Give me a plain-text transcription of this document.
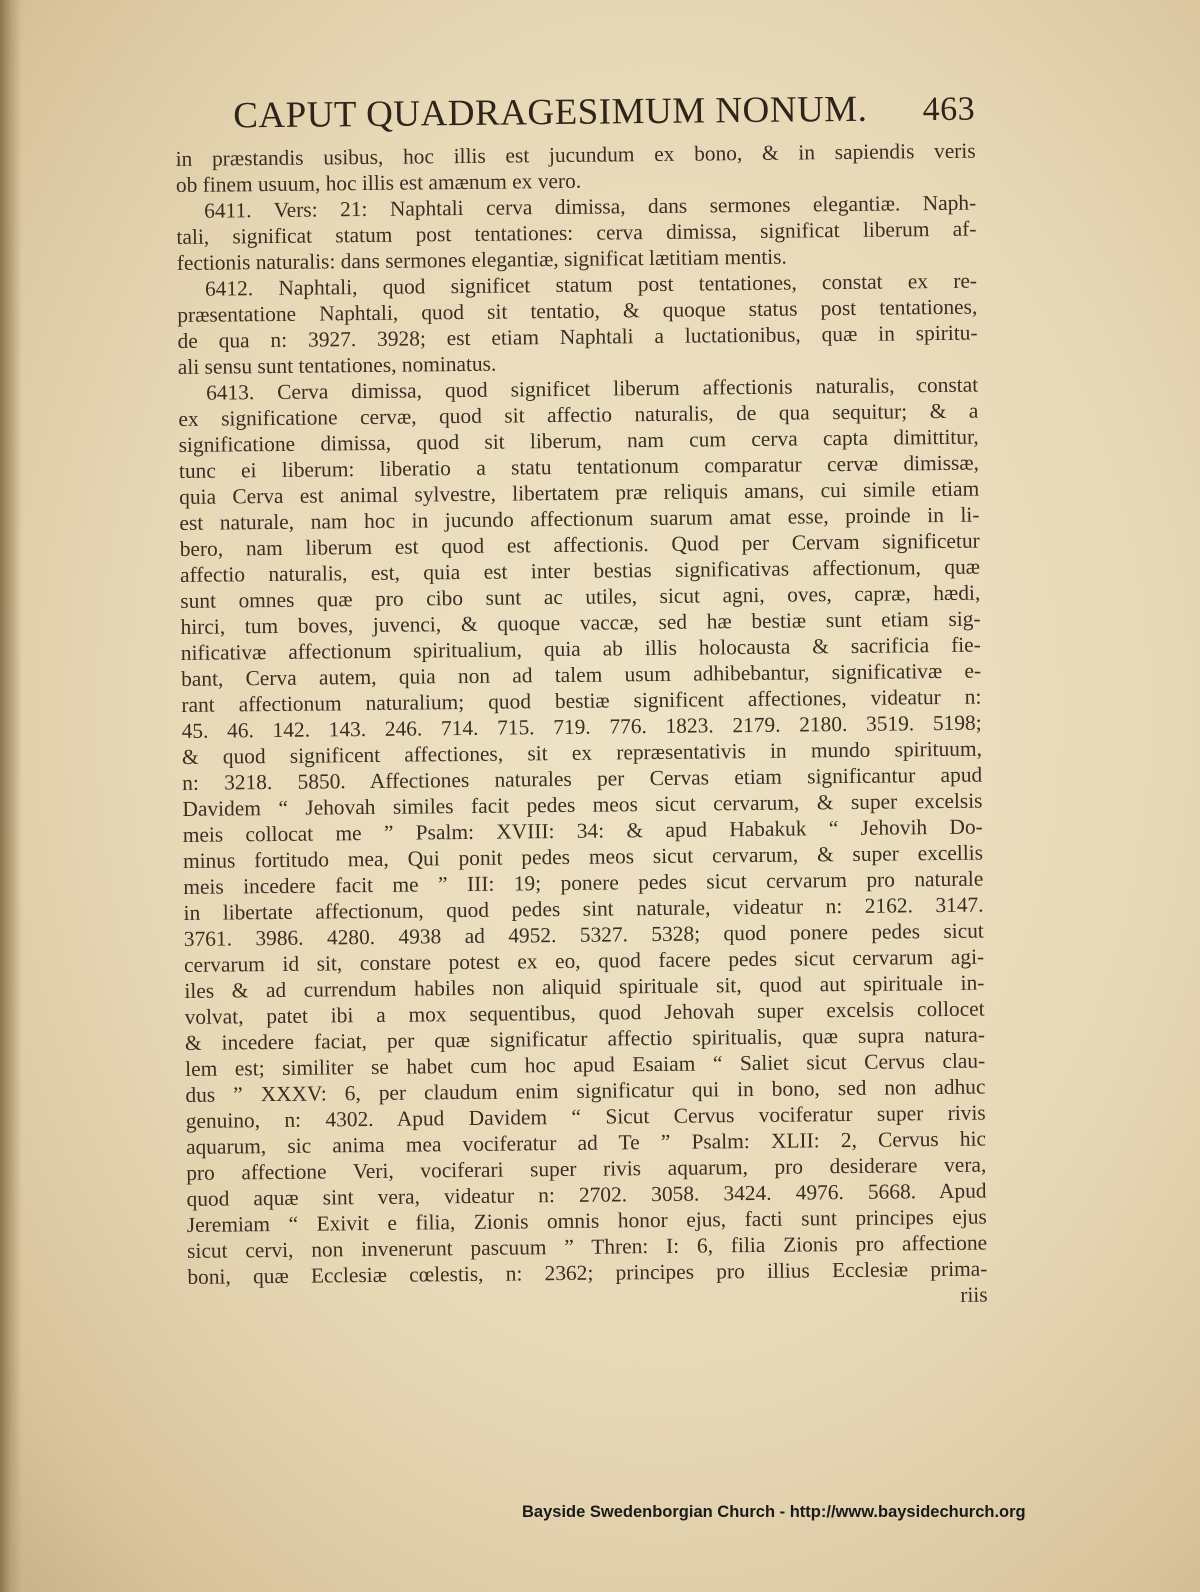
CAPUT QUADRAGESIMUM NONUM. 463
in præstandis usibus, hoc illis est jucundum ex bono, & in sapiendis veris
ob finem usuum, hoc illis est amænum ex vero.
6411. Vers: 21: Naphtali cerva dimissa, dans sermones elegantiæ. Naph-
tali, significat statum post tentationes: cerva dimissa, significat liberum af-
fectionis naturalis: dans sermones elegantiæ, significat lætitiam mentis.
6412. Naphtali, quod significet statum post tentationes, constat ex re-
præsentatione Naphtali, quod sit tentatio, & quoque status post tentationes,
de qua n: 3927. 3928; est etiam Naphtali a luctationibus, quæ in spiritu-
ali sensu sunt tentationes, nominatus.
6413. Cerva dimissa, quod significet liberum affectionis naturalis, constat
ex significatione cervæ, quod sit affectio naturalis, de qua sequitur; & a
significatione dimissa, quod sit liberum, nam cum cerva capta dimittitur,
tunc ei liberum: liberatio a statu tentationum comparatur cervæ dimissæ,
quia Cerva est animal sylvestre, libertatem præ reliquis amans, cui simile etiam
est naturale, nam hoc in jucundo affectionum suarum amat esse, proinde in li-
bero, nam liberum est quod est affectionis. Quod per Cervam significetur
affectio naturalis, est, quia est inter bestias significativas affectionum, quæ
sunt omnes quæ pro cibo sunt ac utiles, sicut agni, oves, capræ, hædi,
hirci, tum boves, juvenci, & quoque vaccæ, sed hæ bestiæ sunt etiam sig-
nificativæ affectionum spiritualium, quia ab illis holocausta & sacrificia fie-
bant, Cerva autem, quia non ad talem usum adhibebantur, significativæ e-
rant affectionum naturalium; quod bestiæ significent affectiones, videatur n:
45. 46. 142. 143. 246. 714. 715. 719. 776. 1823. 2179. 2180. 3519. 5198;
& quod significent affectiones, sit ex repræsentativis in mundo spirituum,
n: 3218. 5850. Affectiones naturales per Cervas etiam significantur apud
Davidem “ Jehovah similes facit pedes meos sicut cervarum, & super excelsis
meis collocat me ” Psalm: XVIII: 34: & apud Habakuk “ Jehovih Do-
minus fortitudo mea, Qui ponit pedes meos sicut cervarum, & super excellis
meis incedere facit me ” III: 19; ponere pedes sicut cervarum pro naturale
in libertate affectionum, quod pedes sint naturale, videatur n: 2162. 3147.
3761. 3986. 4280. 4938 ad 4952. 5327. 5328; quod ponere pedes sicut
cervarum id sit, constare potest ex eo, quod facere pedes sicut cervarum agi-
iles & ad currendum habiles non aliquid spirituale sit, quod aut spirituale in-
volvat, patet ibi a mox sequentibus, quod Jehovah super excelsis collocet
& incedere faciat, per quæ significatur affectio spiritualis, quæ supra natura-
lem est; similiter se habet cum hoc apud Esaiam “ Saliet sicut Cervus clau-
dus ” XXXV: 6, per claudum enim significatur qui in bono, sed non adhuc
genuino, n: 4302. Apud Davidem “ Sicut Cervus vociferatur super rivis
aquarum, sic anima mea vociferatur ad Te ” Psalm: XLII: 2, Cervus hic
pro affectione Veri, vociferari super rivis aquarum, pro desiderare vera,
quod aquæ sint vera, videatur n: 2702. 3058. 3424. 4976. 5668. Apud
Jeremiam “ Exivit e filia, Zionis omnis honor ejus, facti sunt principes ejus
sicut cervi, non invenerunt pascuum ” Thren: I: 6, filia Zionis pro affectione
boni, quæ Ecclesiæ cœlestis, n: 2362; principes pro illius Ecclesiæ prima-
riis
Bayside Swedenborgian Church - http://www.baysidechurch.org
